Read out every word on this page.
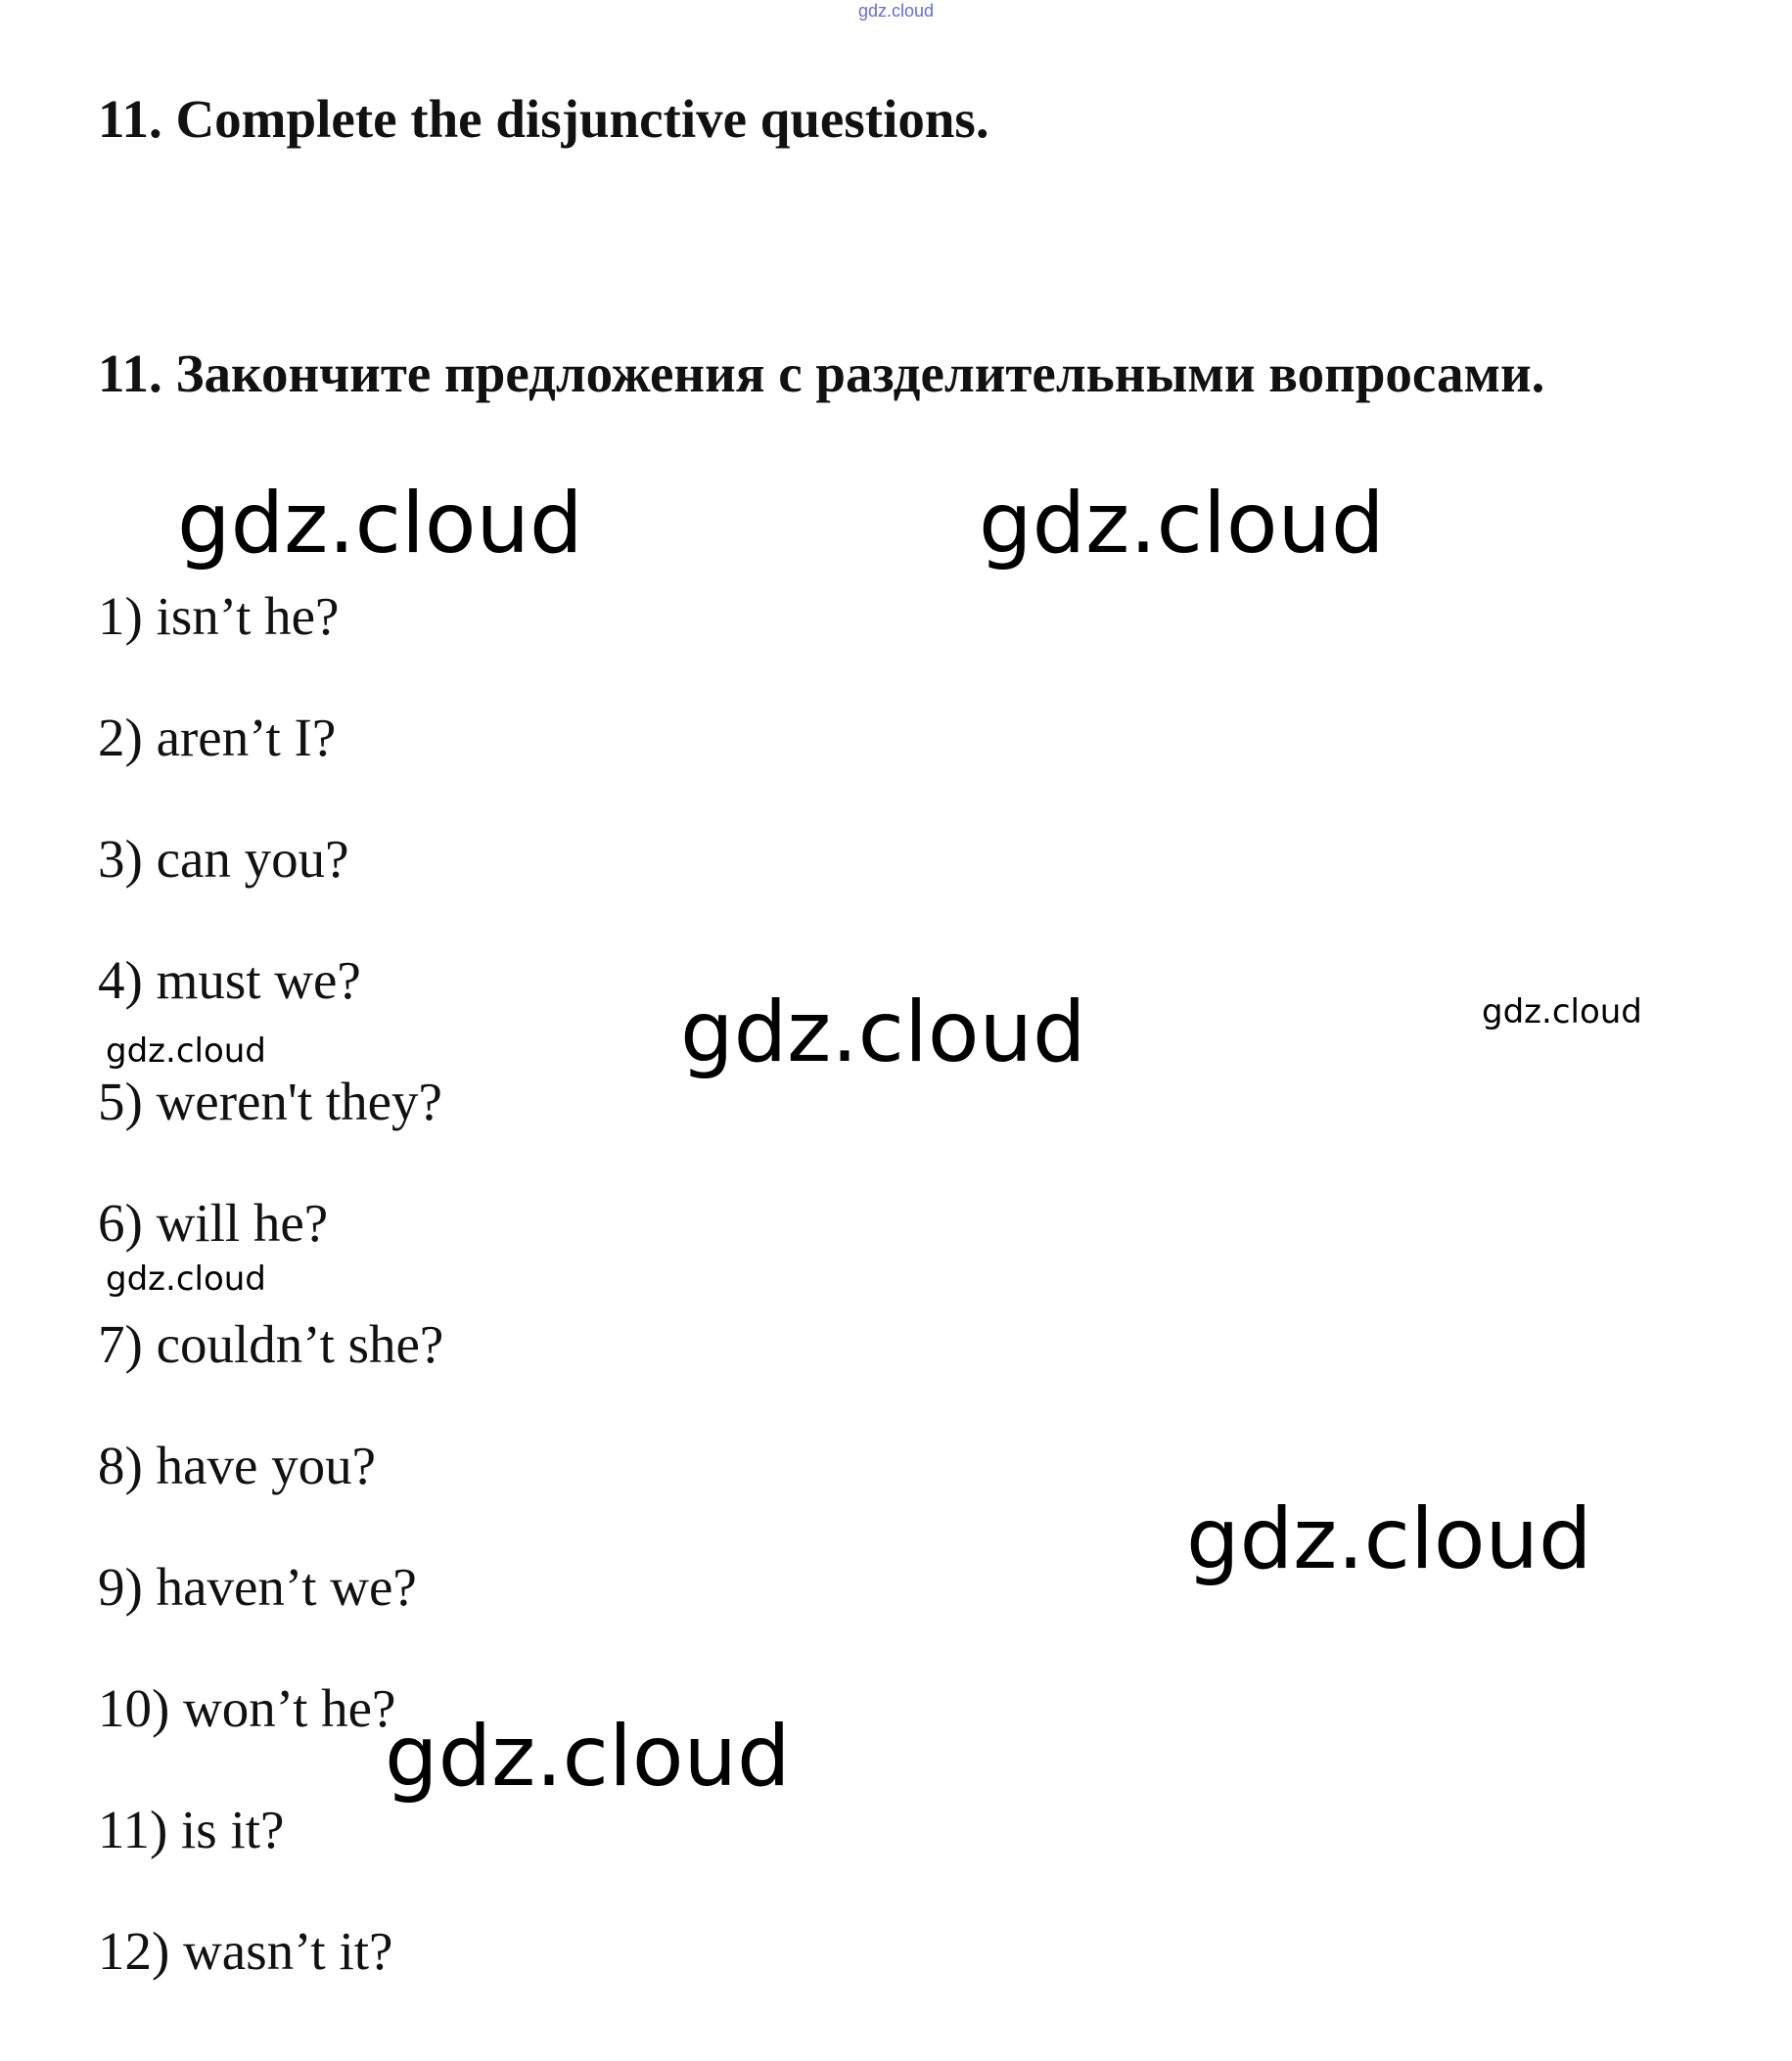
gdz.cloud
11. Complete the disjunctive questions.
11. Закончите предложения с разделительными вопросами.
1) isn’t he?
2) aren’t I?
3) can you?
4) must we?
5) weren't they?
6) will he?
7) couldn’t she?
8) have you?
9) haven’t we?
10) won’t he?
11) is it?
12) wasn’t it?
gdz.cloud	gdz.cloud
gdz.cloud	gdz.cloud
gdz.cloud
gdz.cloud
gdz.cloud
gdz.cloud
